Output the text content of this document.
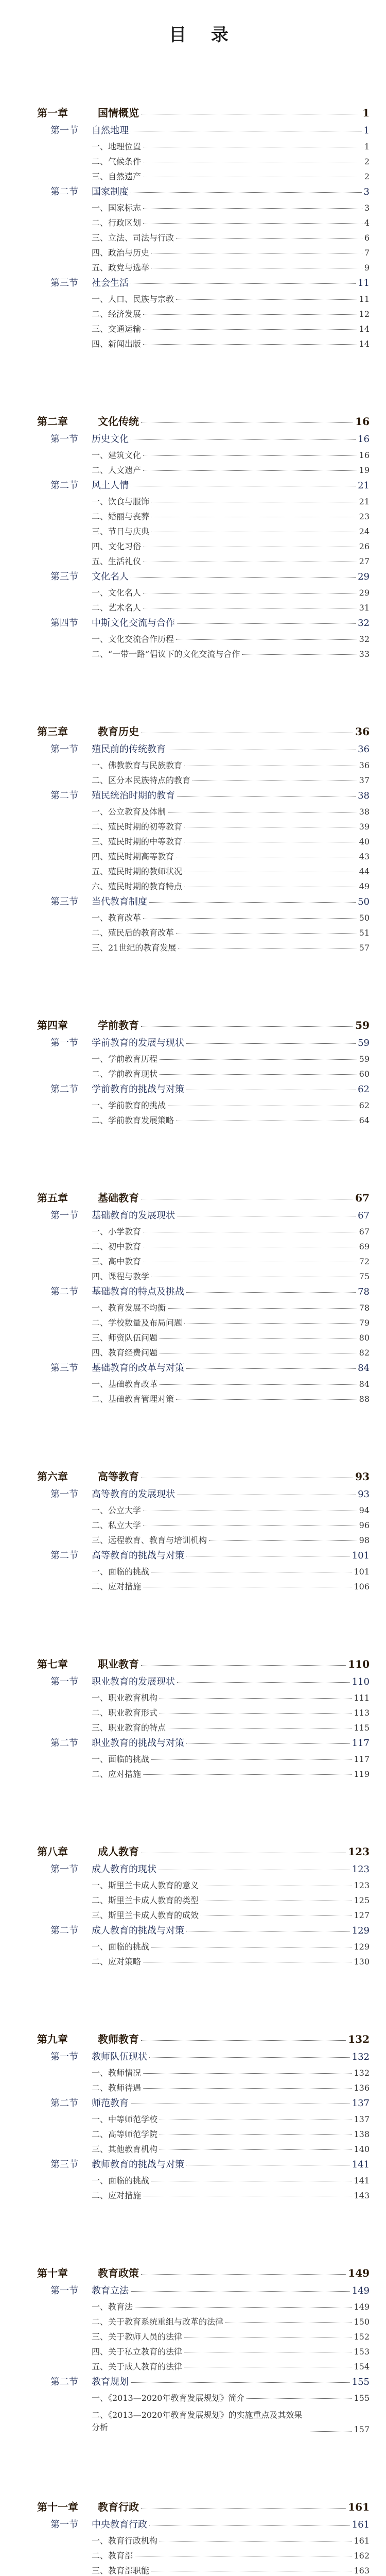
目 录
第一章	国情概览	1
第一节	自然地理	1
一、地理位置	1
二、气候条件	2
三、自然遗产	2
第二节	国家制度	3
一、国家标志	3
二、行政区划	4
三、立法、司法与行政	6
四、政治与历史	7
五、政党与选举	9
第三节	社会生活	11
一、人口、民族与宗教	11
二、经济发展	12
三、交通运输	14
四、新闻出版	14
第二章	文化传统	16
第一节	历史文化	16
一、建筑文化	16
二、人文遗产	19
第二节	风土人情	21
一、饮食与服饰	21
二、婚丽与丧葬	23
三、节日与庆典	24
四、文化习俗	26
五、生活礼仪	27
第三节	文化名人	29
一、文化名人	29
二、艺术名人	31
第四节	中斯文化交流与合作	32
一、文化交流合作历程	32
二、“一带一路”倡议下的文化交流与合作	33
第三章	教育历史	36
第一节	殖民前的传统教育	36
一、佛教教育与民族教育	36
二、区分本民族特点的教育	37
第二节	殖民统治时期的教育	38
一、公立教育及体制	38
二、殖民时期的初等教育	39
三、殖民时期的中等教育	40
四、殖民时期高等教育	43
五、殖民时期的教师状况	44
六、殖民时期的教育特点	49
第三节	当代教育制度	50
一、教育改革	50
二、殖民后的教育改革	51
三、21世纪的教育发展	57
第四章	学前教育	59
第一节	学前教育的发展与现状	59
一、学前教育历程	59
二、学前教育现状	60
第二节	学前教育的挑战与对策	62
一、学前教育的挑战	62
二、学前教育发展策略	64
第五章	基础教育	67
第一节	基础教育的发展现状	67
一、小学教育	67
二、初中教育	69
三、高中教育	72
四、课程与教学	75
第二节	基础教育的特点及挑战	78
一、教育发展不均衡	78
二、学校数量及布局问题	79
三、师资队伍问题	80
四、教育经费问题	82
第三节	基础教育的改革与对策	84
一、基础教育改革	84
二、基础教育管理对策	88
第六章	高等教育	93
第一节	高等教育的发展现状	93
一、公立大学	94
二、私立大学	96
三、远程教育、教育与培训机构	98
第二节	高等教育的挑战与对策	101
一、面临的挑战	101
二、应对措施	106
第七章	职业教育	110
第一节	职业教育的发展现状	110
一、职业教育机构	111
二、职业教育形式	113
三、职业教育的特点	115
第二节	职业教育的挑战与对策	117
一、面临的挑战	117
二、应对措施	119
第八章	成人教育	123
第一节	成人教育的现状	123
一、斯里兰卡成人教育的意义	123
二、斯里兰卡成人教育的类型	125
三、斯里兰卡成人教育的成效	127
第二节	成人教育的挑战与对策	129
一、面临的挑战	129
二、应对策略	130
第九章	教师教育	132
第一节	教师队伍现状	132
一、教师情况	132
二、教师待遇	136
第二节	师范教育	137
一、中等师范学校	137
二、高等师范学院	138
三、其他教育机构	140
第三节	教师教育的挑战与对策	141
一、面临的挑战	141
二、应对措施	143
第十章	教育政策	149
第一节	教育立法	149
一、教育法	149
二、关于教育系统重组与改革的法律	150
三、关于教师人员的法律	152
四、关于私立教育的法律	153
五、关于成人教育的法律	154
第二节	教育规划	155
一、《2013—2020年教育发展规划》简介	155
二、《2013—2020年教育发展规划》的实施重点及其效果分析	157
第十一章	教育行政	161
第一节	中央教育行政	161
一、教育行政机构	161
二、教育部	162
三、教育部职能	163
